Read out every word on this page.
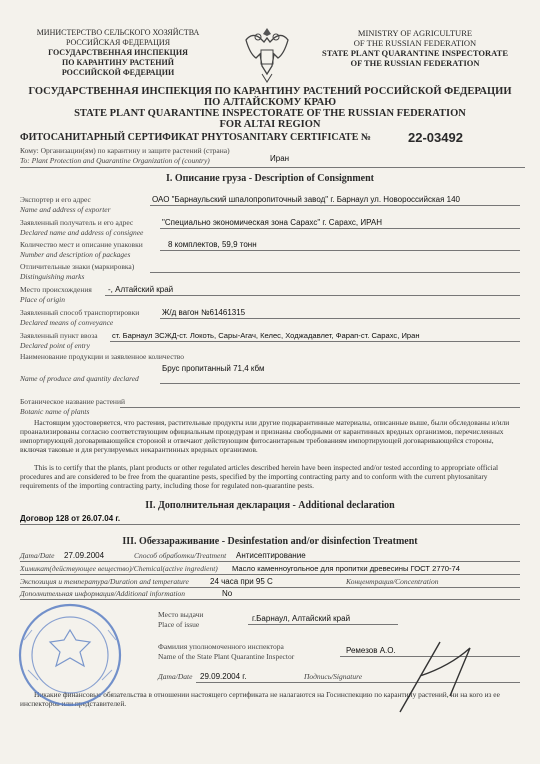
МИНИСТЕРСТВО СЕЛЬСКОГО ХОЗЯЙСТВА
РОССИЙСКАЯ ФЕДЕРАЦИЯ
ГОСУДАРСТВЕННАЯ ИНСПЕКЦИЯ
ПО КАРАНТИНУ РАСТЕНИЙ
РОССИЙСКОЙ ФЕДЕРАЦИИ
MINISTRY OF AGRICULTURE
OF THE RUSSIAN FEDERATION
STATE PLANT QUARANTINE INSPECTORATE
OF THE RUSSIAN FEDERATION
ГОСУДАРСТВЕННАЯ ИНСПЕКЦИЯ ПО КАРАНТИНУ РАСТЕНИЙ РОССИЙСКОЙ ФЕДЕРАЦИИ
ПО АЛТАЙСКОМУ КРАЮ
STATE PLANT QUARANTINE INSPECTORATE OF THE RUSSIAN FEDERATION
FOR ALTAI REGION
ФИТОСАНИТАРНЫЙ СЕРТИФИКАТ PHYTOSANITARY CERTIFICATE №	22-03492
Кому: Организации(ям) по карантину и защите растений (страна)
To: Plant Protection and Quarantine Organization of (country)	Иран
I. Описание груза - Description of Consignment
Экспортер и его адрес
Name and address of exporter
ОАО "Барнаульский шпалопропиточный завод" г. Барнаул ул. Новороссийская 140
Заявленный получатель и его адрес
Declared name and address of consignee
"Специально экономическая зона Сарахс" г. Сарахс, ИРАН
Количество мест и описание упаковки
Number and description of packages
8 комплектов, 59,9 тонн
Отличительные знаки (маркировка)
Distinguishing marks
Место происхождения
Place of origin
-, Алтайский край
Заявленный способ транспортировки
Declared means of conveyance
Ж/д вагон №61461315
Заявленный пункт ввоза
Declared point of entry
ст. Барнаул ЗСЖД-ст. Локоть, Сары-Агач, Келес, Ходжадавлет, Фарап-ст. Сарахс, Иран
Наименование продукции и заявленное количество
Брус пропитанный 71,4 кбм
Name of produce and quantity declared
Ботаническое название растений
Botanic name of plants
Настоящим удостоверяется, что растения, растительные продукты или другие подкарантинные материалы, описанные выше, были обследованы и/или проанализированы согласно соответствующим официальным процедурам и признаны свободными от карантинных вредных организмов, перечисленных импортирующей договаривающейся стороной и отвечают действующим фитосанитарным требованиям импортирующей договаривающейся стороны, включая таковые и для регулируемых некарантинных вредных организмов.
This is to certify that the plants, plant products or other regulated articles described herein have been inspected and/or tested according to appropriate official procedures and are considered to be free from the quarantine pests, specified by the importing contracting party and to conform with the current phytosanitary requirements of the importing contracting party, including those for regulated non-quarantine pests.
II. Дополнительная декларация - Additional declaration
Договор 128 от 26.07.04 г.
III. Обеззараживание - Desinfestation and/or disinfection Treatment
Дата/Date 27.09.2004	Способ обработки/Treatment Антисептирование
Химикат(действующее вещество)/Chemical(active ingredient) Масло каменноугольное для пропитки древесины ГОСТ 2770-74
Экспозиция и температура/Duration and temperature	24 часа при 95 С	Концентрация/Concentration
Дополнительная информация/Additional information	No
Место выдачи
Place of issue
г.Барнаул, Алтайский край
Фамилия уполномоченного инспектора
Name of the State Plant Quarantine Inspector
Ремезов А.О.
Дата/Date 29.09.2004 г.	Подпись/Signature
Никакие финансовые обязательства в отношении настоящего сертификата не налагаются на Госинспекцию по карантину растений, ни на кого из ее инспекторов или представителей.
